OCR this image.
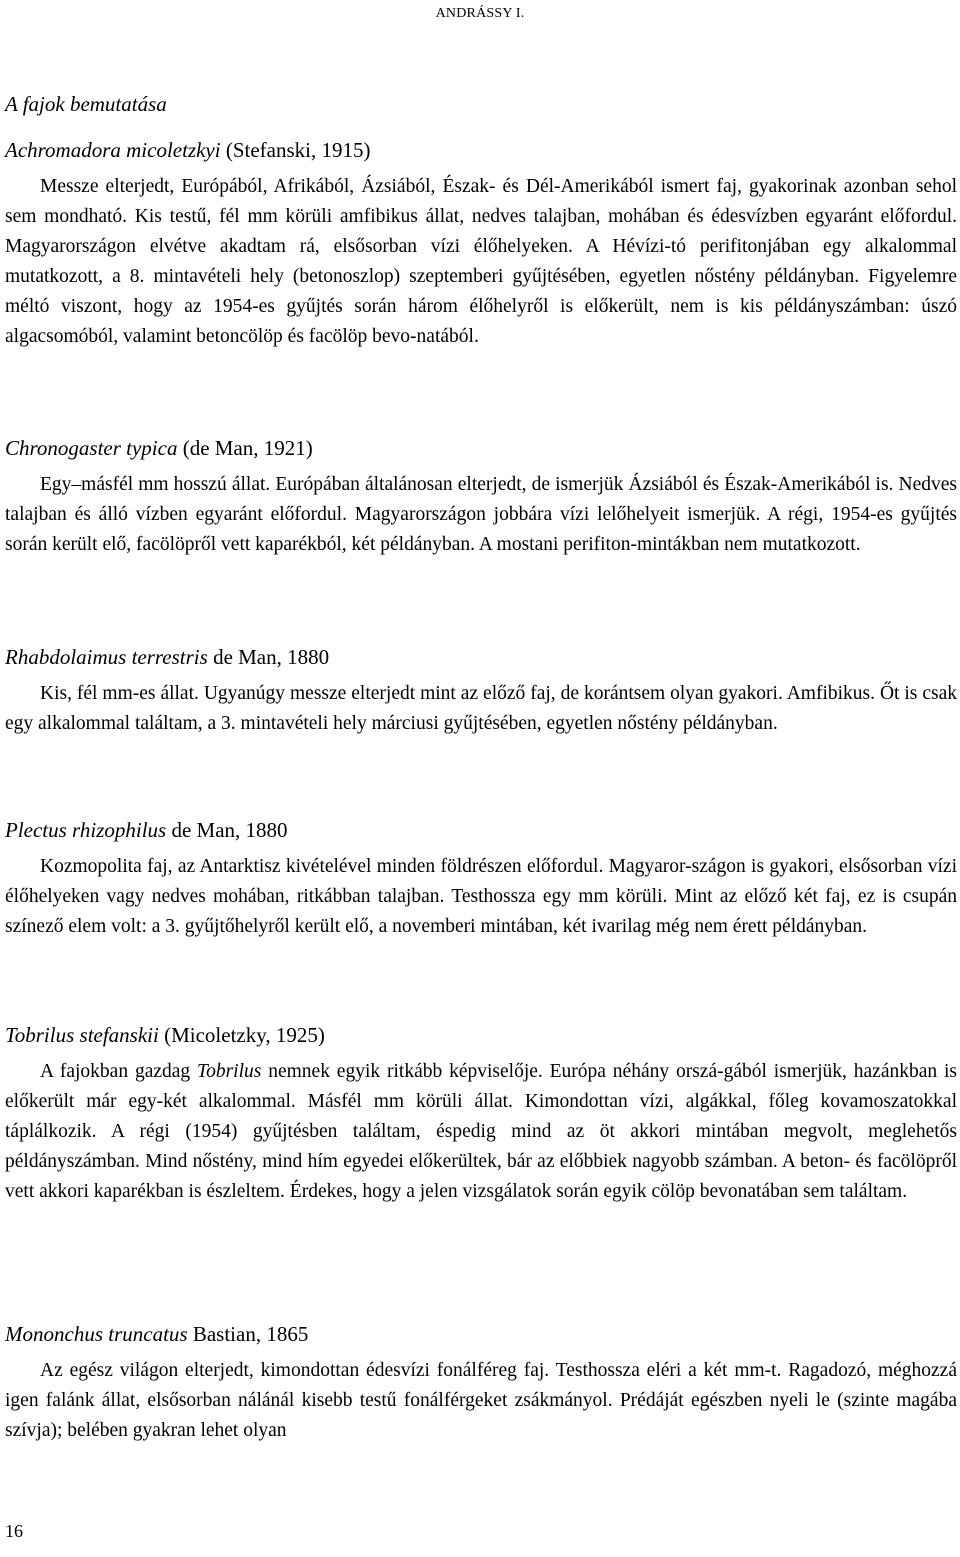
ANDRÁSSY I.
A fajok bemutatása

Achromadora micoletzkyi (Stefanski, 1915)

Messze elterjedt, Európából, Afrikából, Ázsiából, Észak- és Dél-Amerikából ismert faj, gyakorinak azonban sehol sem mondható. Kis testű, fél mm körüli amfibikus állat, nedves talajban, mohában és édesvízben egyaránt előfordul. Magyarországon elvétve akadtam rá, elsősorban vízi élőhelyeken. A Hévízi-tó perifitonjában egy alkalommal mutatkozott, a 8. mintavételi hely (betonoszlop) szeptemberi gyűjtésében, egyetlen nőstény példányban. Figyelemre méltó viszont, hogy az 1954-es gyűjtés során három élőhelyről is előkerült, nem is kis példányszámban: úszó algacsomóból, valamint betoncölöp és facölöp bevo-natából.

Chronogaster typica (de Man, 1921)

Egy–másfél mm hosszú állat. Európában általánosan elterjedt, de ismerjük Ázsiából és Észak-Amerikából is. Nedves talajban és álló vízben egyaránt előfordul. Magyarországon jobbára vízi lelőhelyeit ismerjük. A régi, 1954-es gyűjtés során került elő, facölöpről vett kaparékból, két példányban. A mostani perifiton-mintákban nem mutatkozott.

Rhabdolaimus terrestris de Man, 1880

Kis, fél mm-es állat. Ugyanúgy messze elterjedt mint az előző faj, de korántsem olyan gyakori. Amfibikus. Őt is csak egy alkalommal találtam, a 3. mintavételi hely márciusi gyűjtésében, egyetlen nőstény példányban.

Plectus rhizophilus de Man, 1880

Kozmopolita faj, az Antarktisz kivételével minden földrészen előfordul. Magyaror-szágon is gyakori, elsősorban vízi élőhelyeken vagy nedves mohában, ritkábban talajban. Testhossza egy mm körüli. Mint az előző két faj, ez is csupán színező elem volt: a 3. gyűjtőhelyről került elő, a novemberi mintában, két ivarilag még nem érett példányban.

Tobrilus stefanskii (Micoletzky, 1925)

A fajokban gazdag Tobrilus nemnek egyik ritkább képviselője. Európa néhány orszá-gából ismerjük, hazánkban is előkerült már egy-két alkalommal. Másfél mm körüli állat. Kimondottan vízi, algákkal, főleg kovamoszatokkal táplálkozik. A régi (1954) gyűjtésben találtam, éspedig mind az öt akkori mintában megvolt, meglehetős példányszámban. Mind nőstény, mind hím egyedei előkerültek, bár az előbbiek nagyobb számban. A beton- és facölöpről vett akkori kaparékban is észleltem. Érdekes, hogy a jelen vizsgálatok során egyik cölöp bevonatában sem találtam.

Mononchus truncatus Bastian, 1865

Az egész világon elterjedt, kimondottan édesvízi fonálféreg faj. Testhossza eléri a két mm-t. Ragadozó, méghozzá igen falánk állat, elsősorban nálánál kisebb testű fonálférgeket zsákmányol. Prédáját egészben nyeli le (szinte magába szívja); belében gyakran lehet olyan

16
